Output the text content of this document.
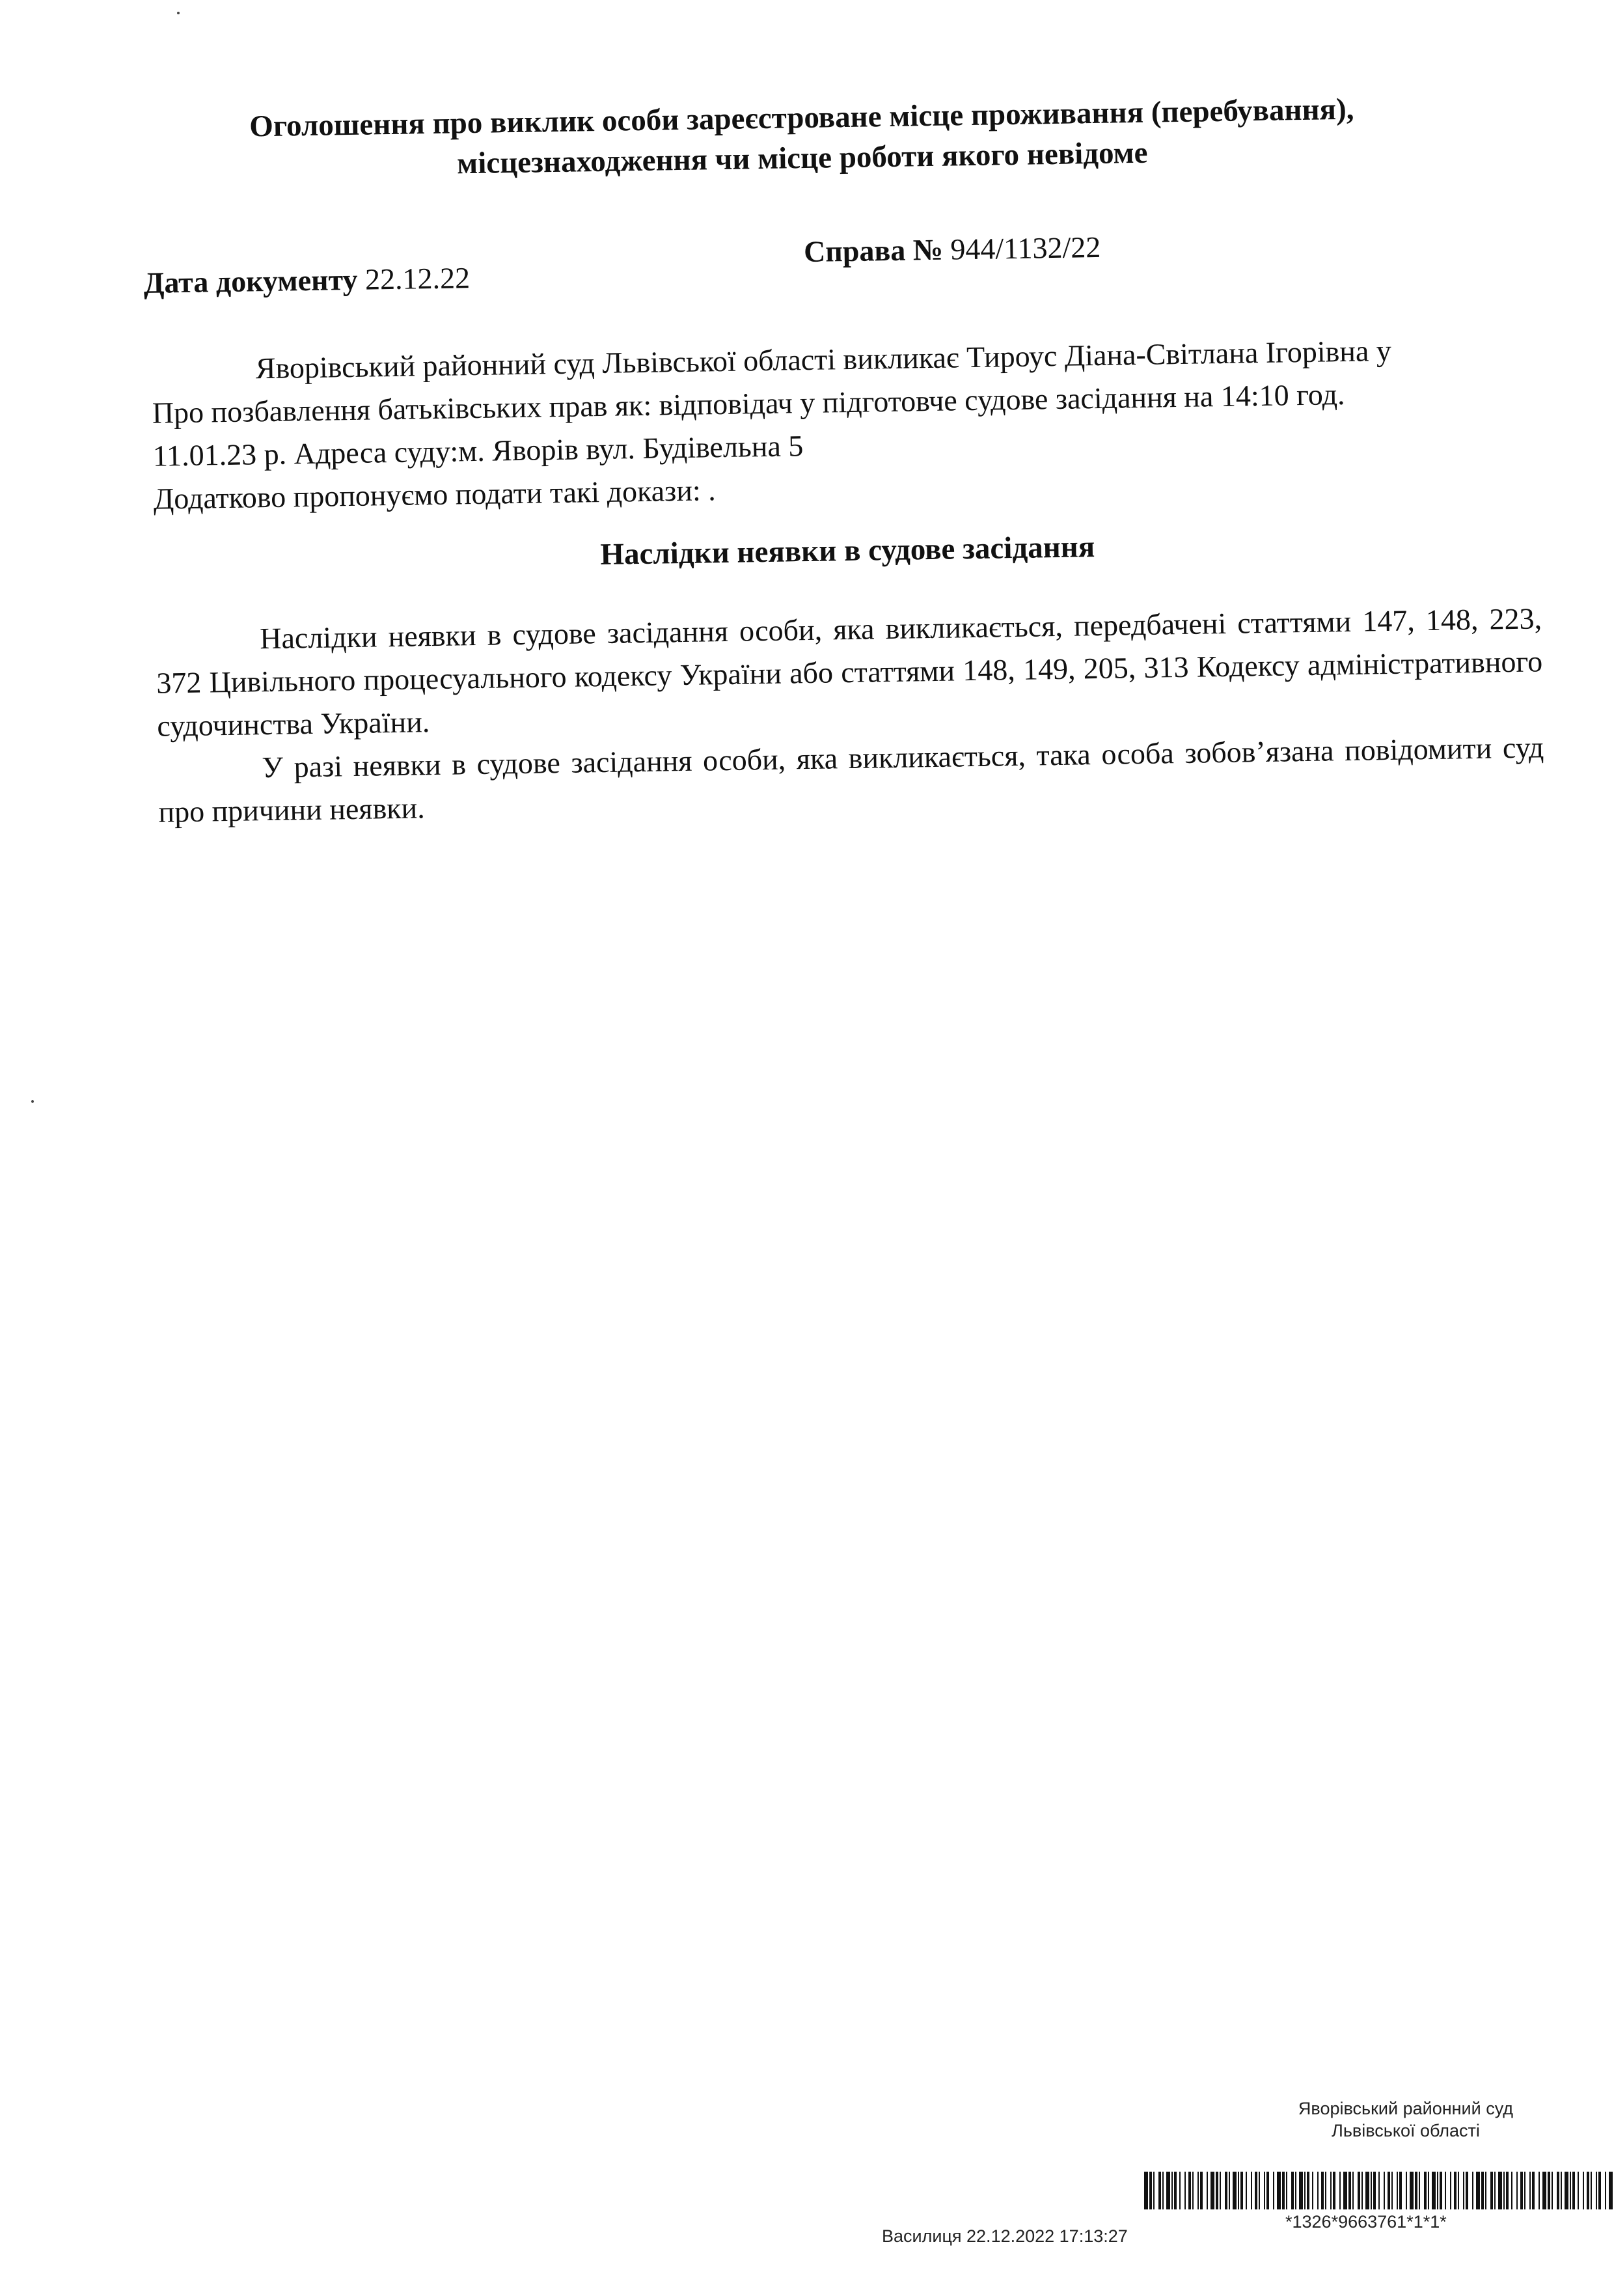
Оголошення про виклик особи зареєстроване місце проживання (перебування),
місцезнаходження чи місце роботи якого невідоме
Дата документу 22.12.22
Справа № 944/1132/22
Яворівський районний суд Львівської області викликає Тироус Діана-Світлана Ігорівна у
Про позбавлення батьківських прав як: відповідач у підготовче судове засідання на 14:10 год.
11.01.23 р. Адреса суду:м. Яворів вул. Будівельна 5
Додатково пропонуємо подати такі докази: .
Наслідки неявки в судове засідання

Наслідки неявки в судове засідання особи, яка викликається, передбачені статтями 147, 148, 223, 372 Цивільного процесуального кодексу України або статтями 148, 149, 205, 313 Кодексу адміністративного судочинства України.

У разі неявки в судове засідання особи, яка викликається, така особа зобов’язана повідомити суд про причини неявки.

Яворівський районний суд
Львівської області
Василиця 22.12.2022 17:13:27
*1326*9663761*1*1*
